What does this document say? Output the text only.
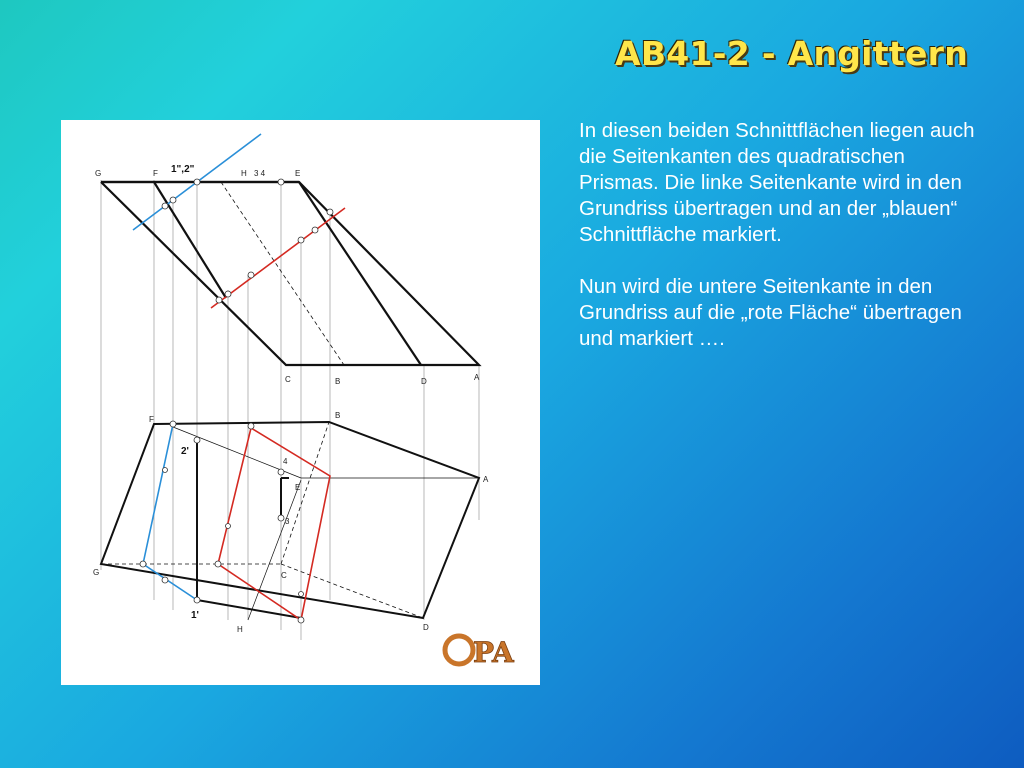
AB41-2 - Angittern

In diesen beiden Schnittflächen liegen auch die Seitenkanten des quadratischen Prismas. Die linke Seitenkante wird in den Grundriss übertragen und an der „blauen“ Schnittfläche markiert.

Nun wird die untere Seitenkante in den Grundriss auf die „rote Fläche“ übertragen und markiert ….

G	F 1",2"	H 3 4	E
C	B	D	A
B
F
2'
4
A
E
3
G	C
1'
H	D
PA
